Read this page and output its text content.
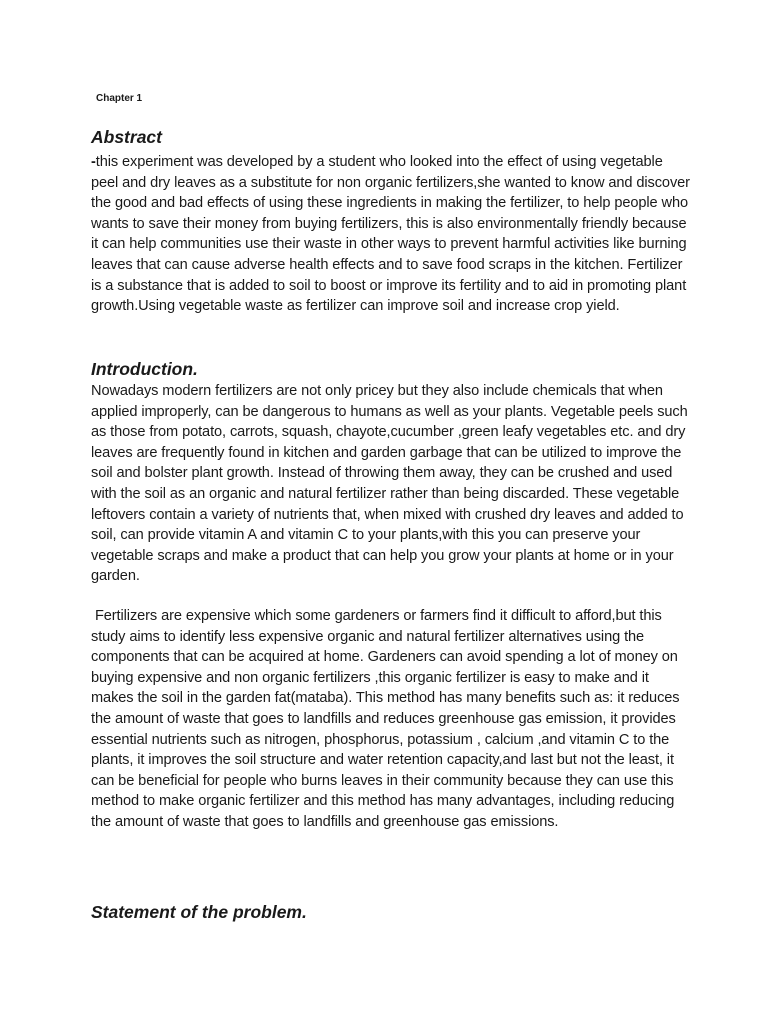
Chapter 1

Abstract

-this experiment was developed by a student who looked into the effect of using vegetable peel and dry leaves as a substitute for non organic fertilizers,she wanted to know and discover the good and bad effects of using these ingredients in making the fertilizer, to help people who wants to save their money from buying fertilizers, this is also environmentally friendly because it can help communities use their waste in other ways to prevent harmful activities like burning leaves that can cause adverse health effects and to save food scraps in the kitchen. Fertilizer is a substance that is added to soil to boost or improve its fertility and to aid in promoting plant growth.Using vegetable waste as fertilizer can improve soil and increase crop yield.

Introduction.

Nowadays modern fertilizers are not only pricey but they also include chemicals that when applied improperly, can be dangerous to humans as well as your plants. Vegetable peels such as those from potato, carrots, squash, chayote,cucumber ,green leafy vegetables etc. and dry leaves are frequently found in kitchen and garden garbage that can be utilized to improve the soil and bolster plant growth. Instead of throwing them away, they can be crushed and used with the soil as an organic and natural fertilizer rather than being discarded. These vegetable leftovers contain a variety of nutrients that, when mixed with crushed dry leaves and added to soil, can provide vitamin A and vitamin C to your plants,with this you can preserve your vegetable scraps and make a product that can help you grow your plants at home or in your garden.

Fertilizers are expensive which some gardeners or farmers find it difficult to afford,but this study aims to identify less expensive organic and natural fertilizer alternatives using the components that can be acquired at home. Gardeners can avoid spending a lot of money on buying expensive and non organic fertilizers ,this organic fertilizer is easy to make and it makes the soil in the garden fat(mataba). This method has many benefits such as: it reduces the amount of waste that goes to landfills and reduces greenhouse gas emission, it provides essential nutrients such as nitrogen, phosphorus, potassium , calcium ,and vitamin C to the plants, it improves the soil structure and water retention capacity,and last but not the least, it can be beneficial for people who burns leaves in their community because they can use this method to make organic fertilizer and this method has many advantages, including reducing the amount of waste that goes to landfills and greenhouse gas emissions.

Statement of the problem.
